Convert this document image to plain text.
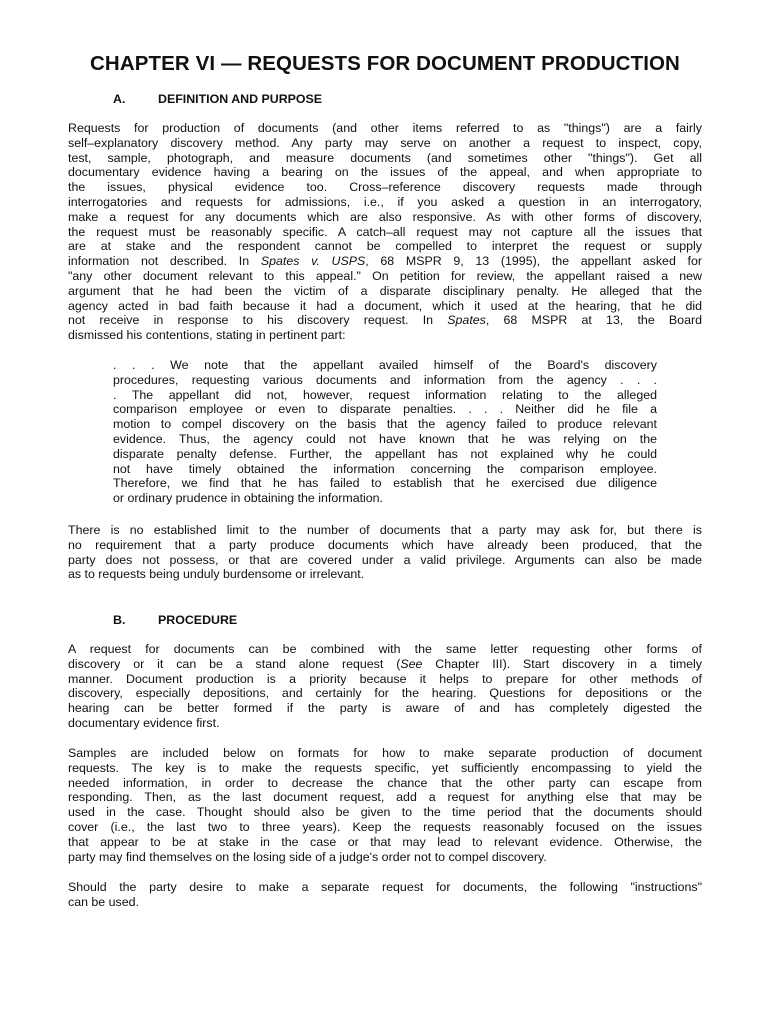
CHAPTER VI — REQUESTS FOR DOCUMENT PRODUCTION
A.	DEFINITION AND PURPOSE
Requests for production of documents (and other items referred to as "things") are a fairly
self–explanatory discovery method. Any party may serve on another a request to inspect, copy,
test, sample, photograph, and measure documents (and sometimes other "things"). Get all
documentary evidence having a bearing on the issues of the appeal, and when appropriate to
the issues, physical evidence too. Cross–reference discovery requests made through
interrogatories and requests for admissions, i.e., if you asked a question in an interrogatory,
make a request for any documents which are also responsive. As with other forms of discovery,
the request must be reasonably specific. A catch–all request may not capture all the issues that
are at stake and the respondent cannot be compelled to interpret the request or supply
information not described. In Spates v. USPS, 68 MSPR 9, 13 (1995), the appellant asked for
"any other document relevant to this appeal." On petition for review, the appellant raised a new
argument that he had been the victim of a disparate disciplinary penalty. He alleged that the
agency acted in bad faith because it had a document, which it used at the hearing, that he did
not receive in response to his discovery request. In Spates, 68 MSPR at 13, the Board
dismissed his contentions, stating in pertinent part:
. . . We note that the appellant availed himself of the Board's discovery
procedures, requesting various documents and information from the agency . . .
. The appellant did not, however, request information relating to the alleged
comparison employee or even to disparate penalties. . . . Neither did he file a
motion to compel discovery on the basis that the agency failed to produce relevant
evidence. Thus, the agency could not have known that he was relying on the
disparate penalty defense. Further, the appellant has not explained why he could
not have timely obtained the information concerning the comparison employee.
Therefore, we find that he has failed to establish that he exercised due diligence
or ordinary prudence in obtaining the information.
There is no established limit to the number of documents that a party may ask for, but there is
no requirement that a party produce documents which have already been produced, that the
party does not possess, or that are covered under a valid privilege. Arguments can also be made
as to requests being unduly burdensome or irrelevant.
B.	PROCEDURE
A request for documents can be combined with the same letter requesting other forms of
discovery or it can be a stand alone request (See Chapter III). Start discovery in a timely
manner. Document production is a priority because it helps to prepare for other methods of
discovery, especially depositions, and certainly for the hearing. Questions for depositions or the
hearing can be better formed if the party is aware of and has completely digested the
documentary evidence first.
Samples are included below on formats for how to make separate production of document
requests. The key is to make the requests specific, yet sufficiently encompassing to yield the
needed information, in order to decrease the chance that the other party can escape from
responding. Then, as the last document request, add a request for anything else that may be
used in the case. Thought should also be given to the time period that the documents should
cover (i.e., the last two to three years). Keep the requests reasonably focused on the issues
that appear to be at stake in the case or that may lead to relevant evidence. Otherwise, the
party may find themselves on the losing side of a judge's order not to compel discovery.
Should the party desire to make a separate request for documents, the following "instructions"
can be used.
